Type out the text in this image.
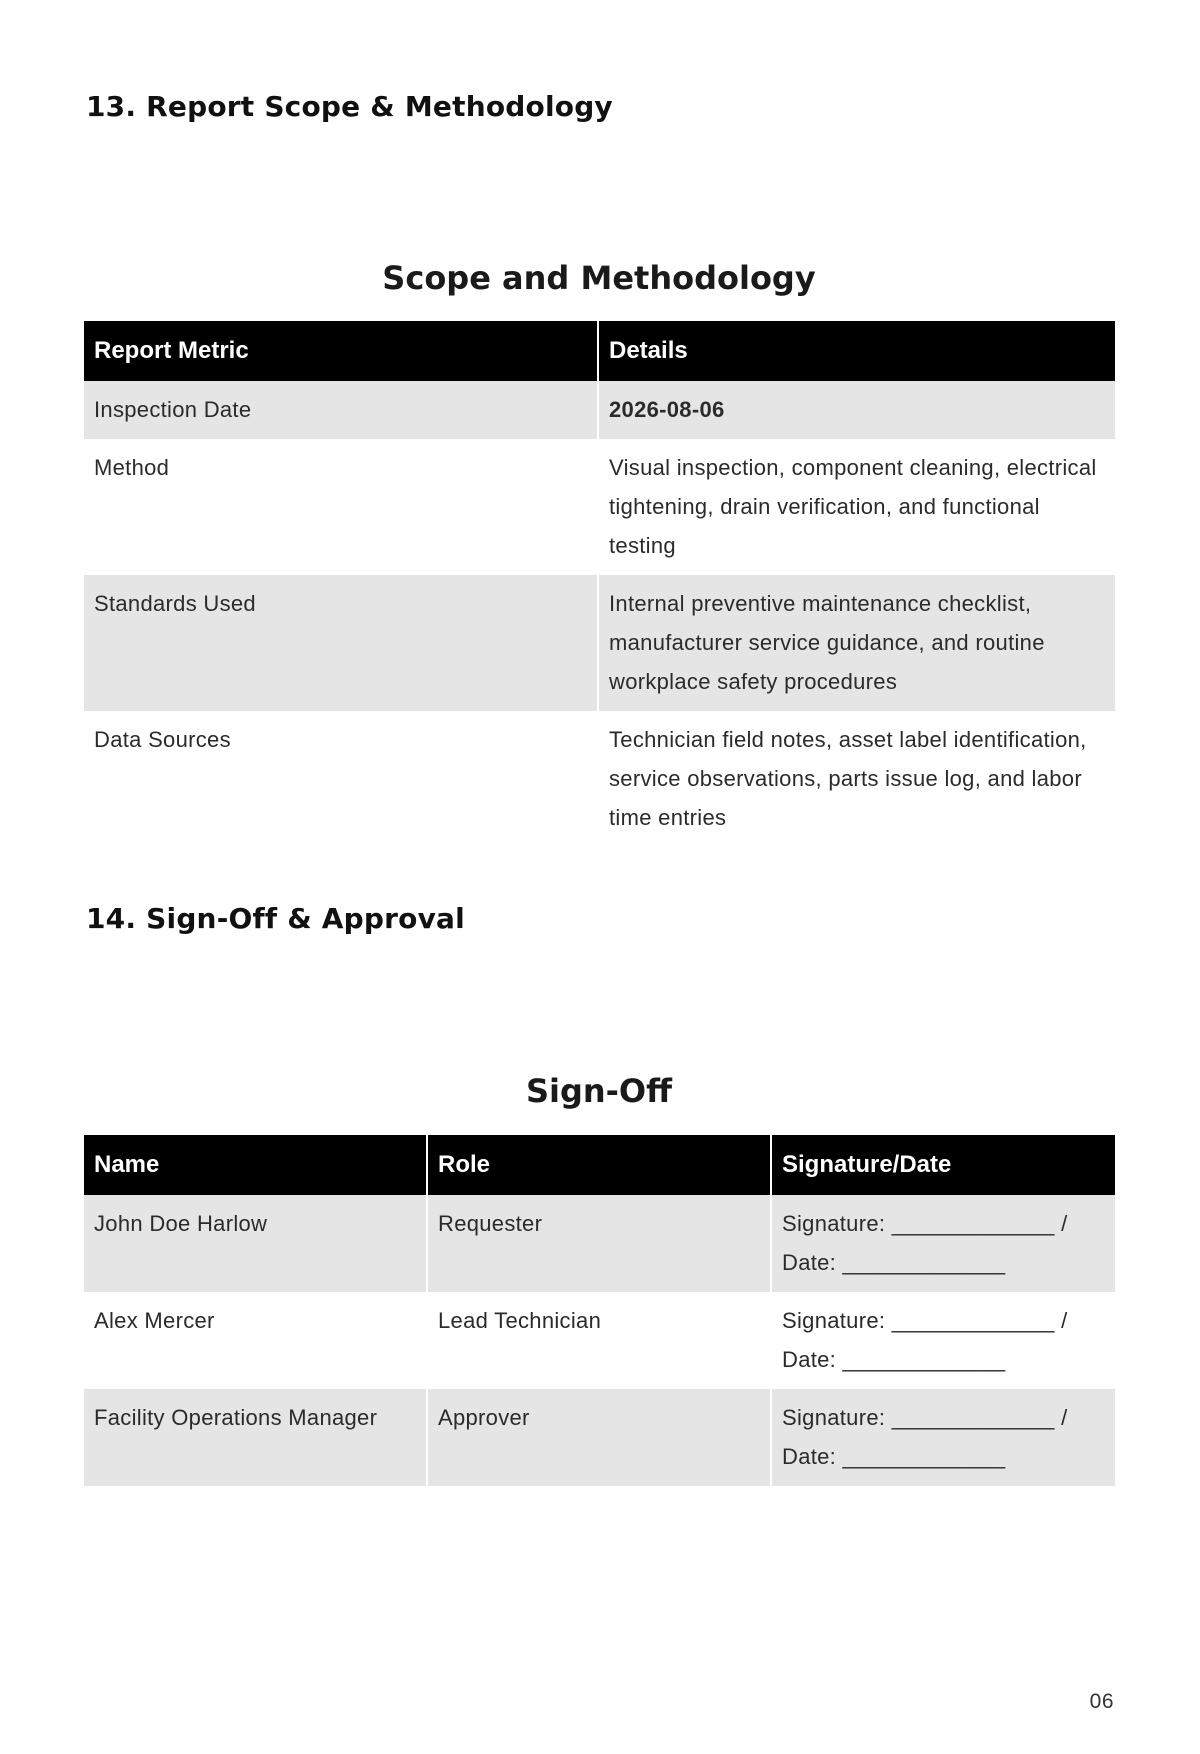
13. Report Scope & Methodology
Scope and Methodology
Report Metric	Details
Inspection Date	2026-08-06
Method	Visual inspection, component cleaning, electrical tightening, drain verification, and functional testing
Standards Used	Internal preventive maintenance checklist, manufacturer service guidance, and routine workplace safety procedures
Data Sources	Technician field notes, asset label identification, service observations, parts issue log, and labor time entries
14. Sign-Off & Approval
Sign-Off
Name	Role	Signature/Date
John Doe Harlow	Requester	Signature: _____________ /
Date: _____________

Alex Mercer	Lead Technician	Signature: _____________ /
Date: _____________

Facility Operations Manager	Approver	Signature: _____________ /
Date: _____________
06
